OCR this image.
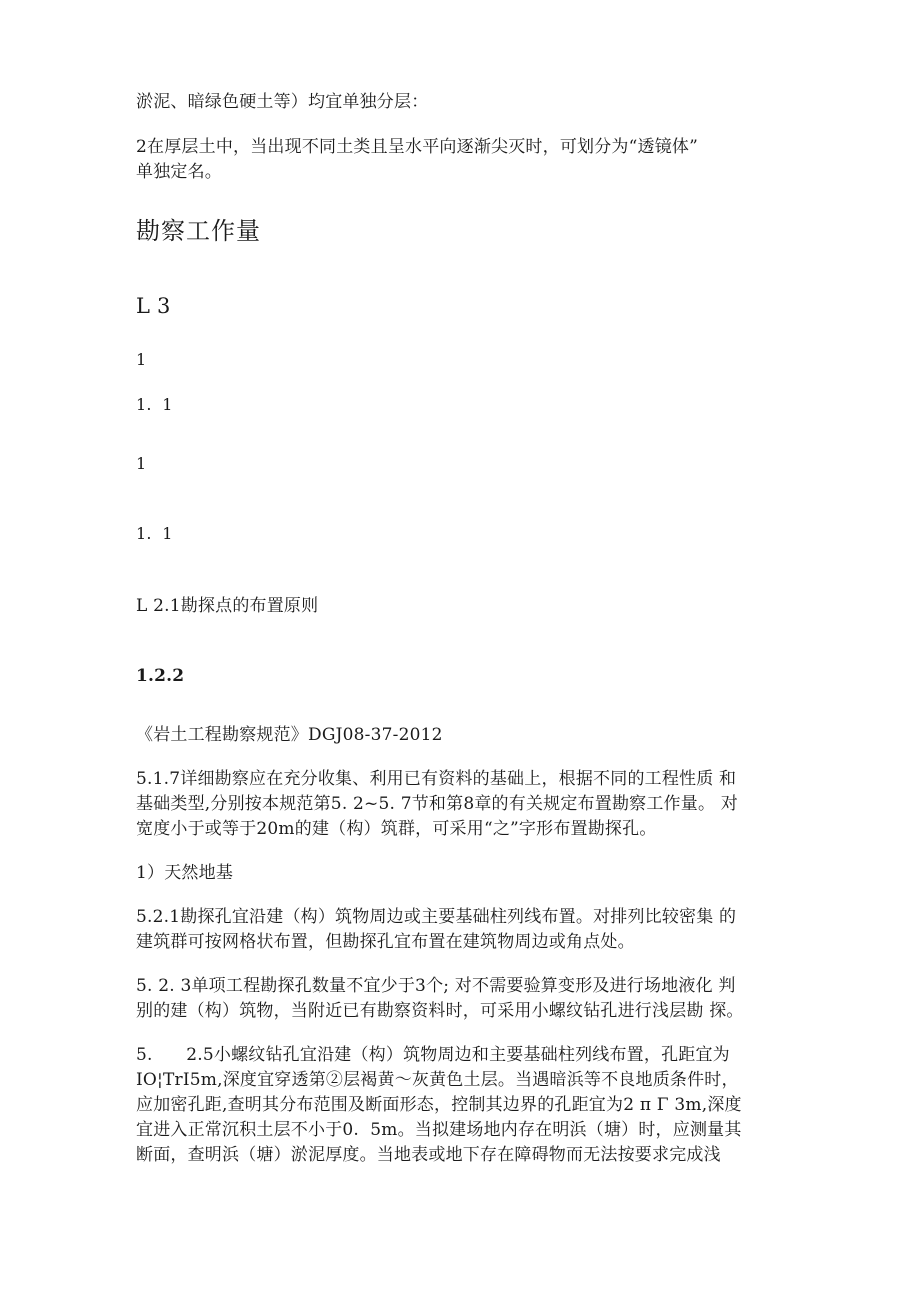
淤泥、暗绿色硬土等）均宜单独分层：
2在厚层土中，当出现不同土类且呈水平向逐渐尖灭时，可划分为“透镜体”
单独定名。
勘察工作量
L 3
1
1.  1
1
1.  1
L 2.1勘探点的布置原则
1.2.2
《岩土工程勘察规范》DGJ08-37-2012
5.1.7详细勘察应在充分收集、利用已有资料的基础上，根据不同的工程性质 和
基础类型,分别按本规范第5. 2~5. 7节和第8章的有关规定布置勘察工作量。 对
宽度小于或等于20m的建（构）筑群，可采用“之”字形布置勘探孔。
1）天然地基
5.2.1勘探孔宜沿建（构）筑物周边或主要基础柱列线布置。对排列比较密集 的
建筑群可按网格状布置，但勘探孔宜布置在建筑物周边或角点处。
5. 2. 3单项工程勘探孔数量不宜少于3个; 对不需要验算变形及进行场地液化 判
别的建（构）筑物，当附近已有勘察资料时，可采用小螺纹钻孔进行浅层勘 探。
5.      2.5小螺纹钻孔宜沿建（构）筑物周边和主要基础柱列线布置，孔距宜为
IO¦TrI5m,深度宜穿透第②层褐黄～灰黄色土层。当遇暗浜等不良地质条件时，
应加密孔距,查明其分布范围及断面形态，控制其边界的孔距宜为2 π Γ 3m,深度
宜进入正常沉积土层不小于0.  5m。当拟建场地内存在明浜（塘）时，应测量其
断面，查明浜（塘）淤泥厚度。当地表或地下存在障碍物而无法按要求完成浅
